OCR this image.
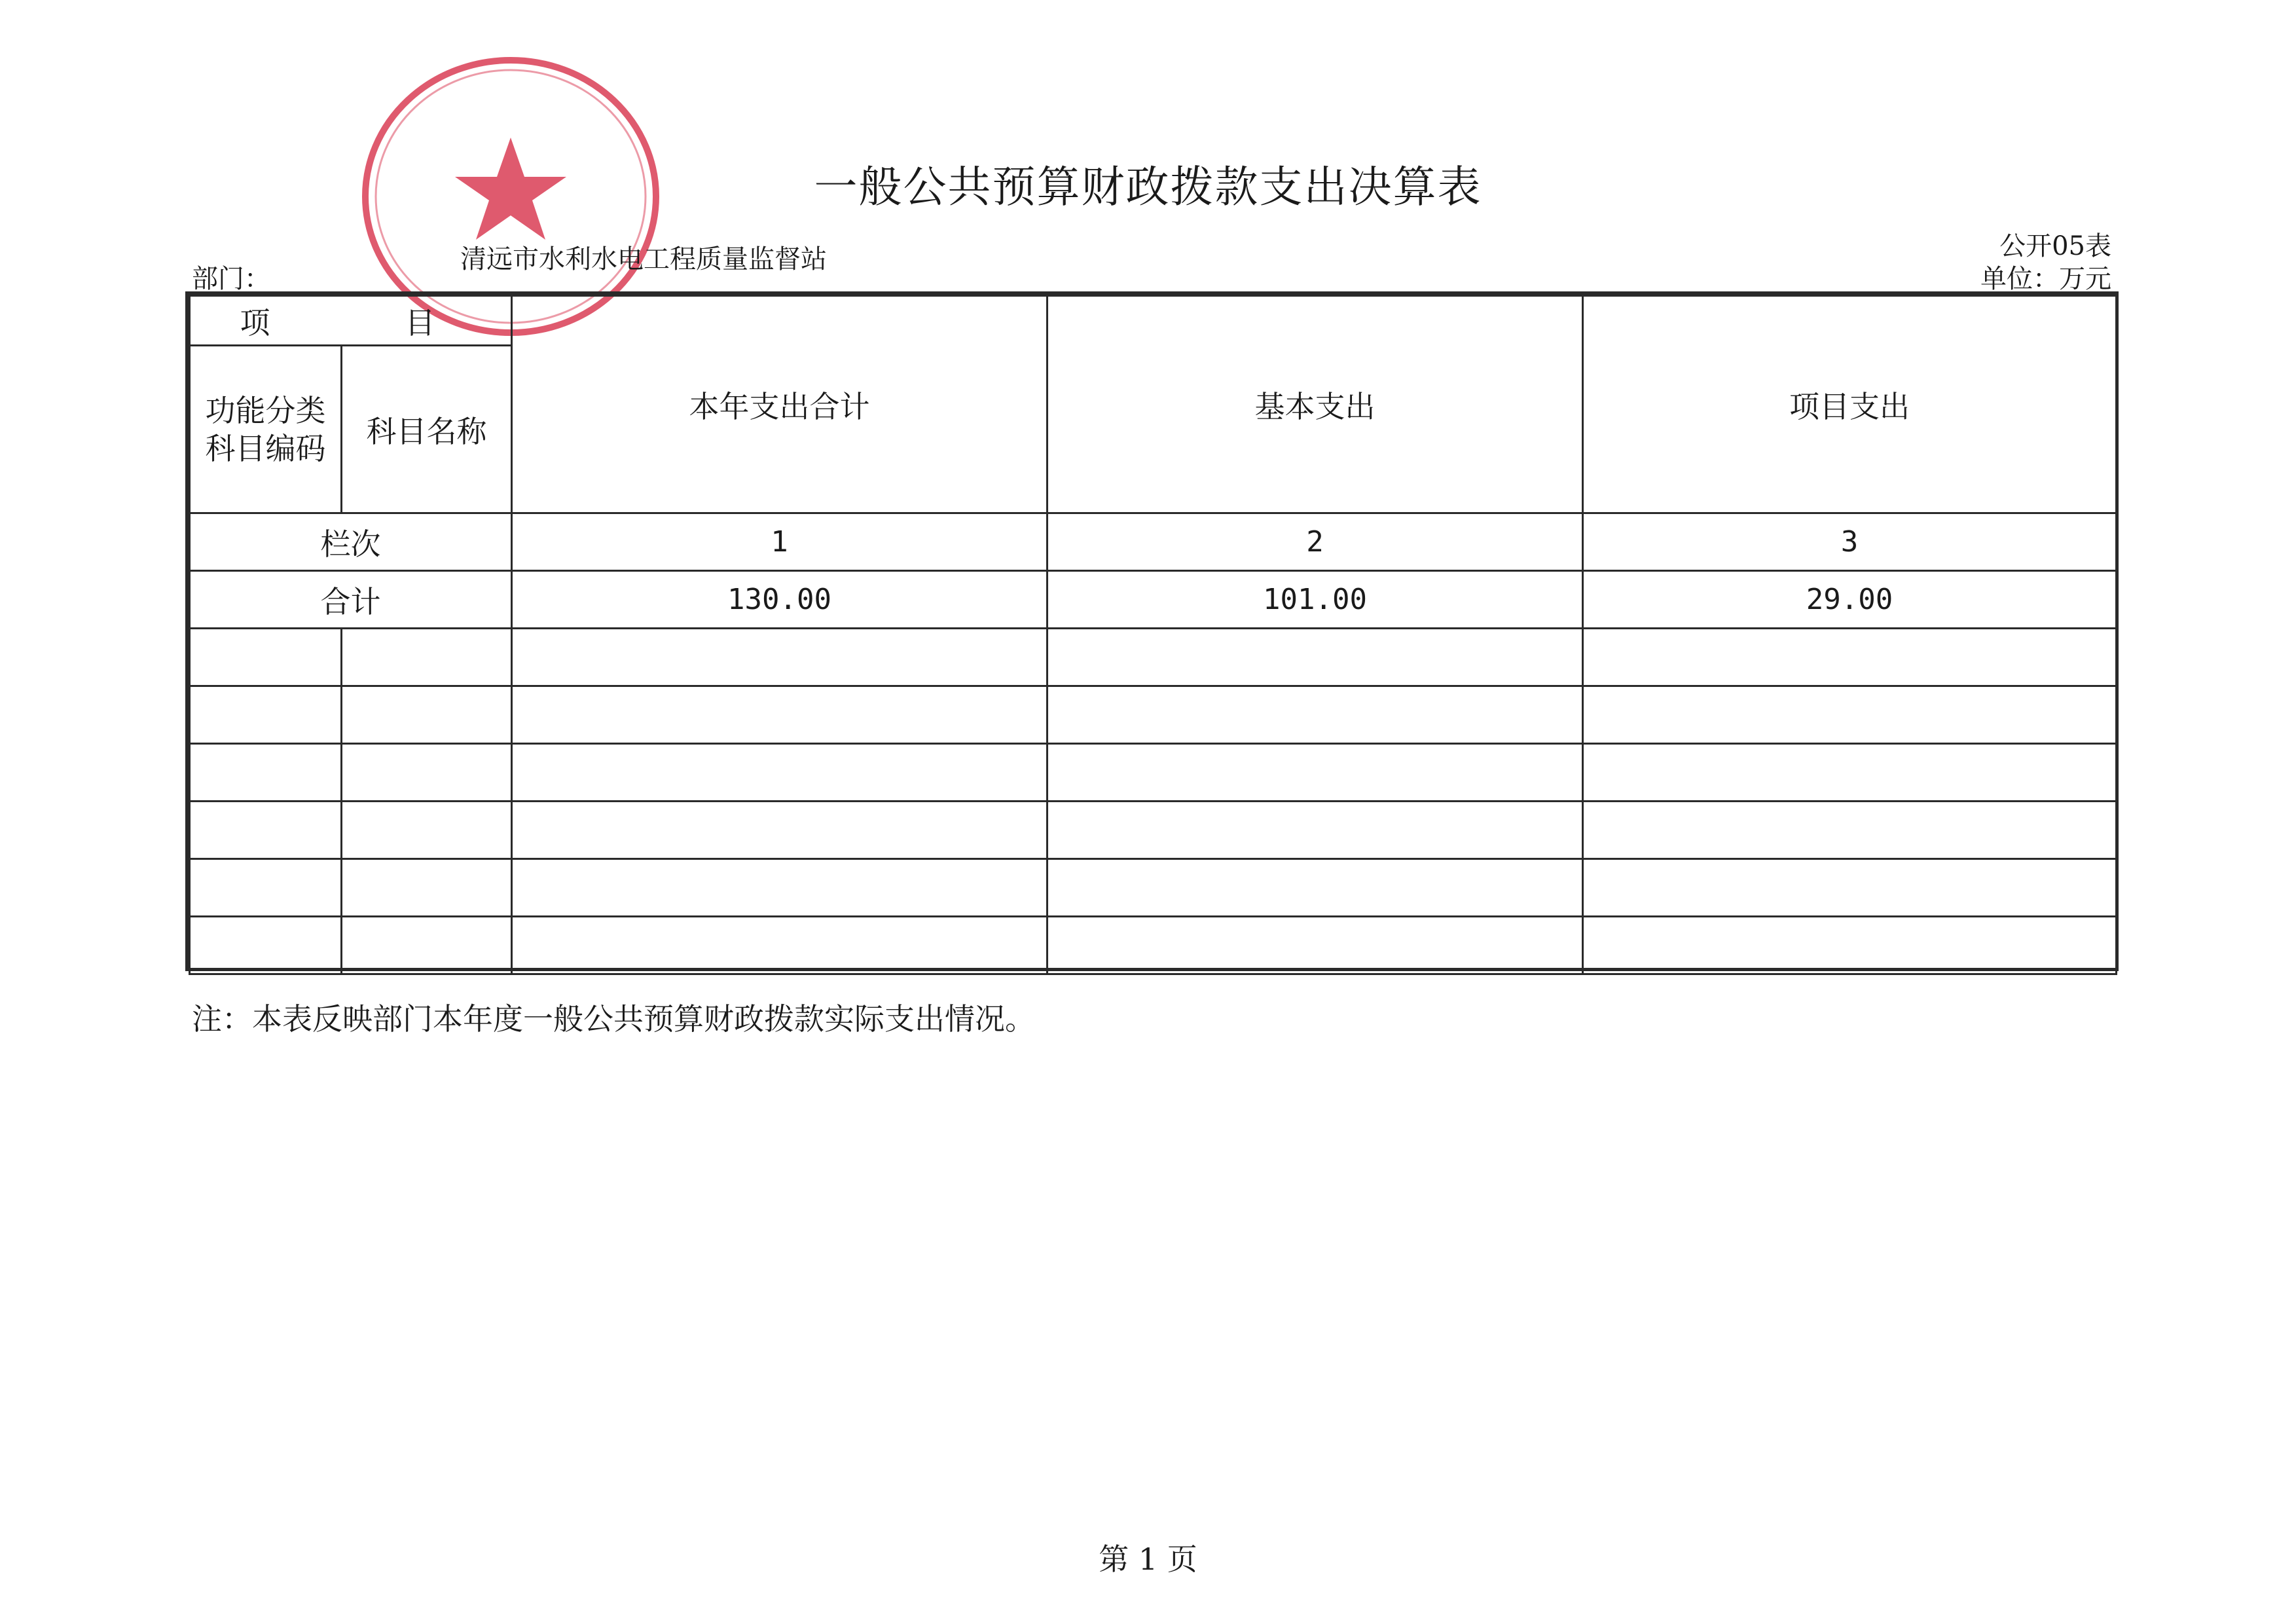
一般公共预算财政拨款支出决算表
公开05表
单位：万元
部门：
清远市水利水电工程质量监督站
项　目		本年支出合计	基本支出	项目支出
功能分类科目编码	科目名称			
栏次		1	2	3
合计		130.00	101.00	29.00

注：本表反映部门本年度一般公共预算财政拨款实际支出情况。
第 1 页
